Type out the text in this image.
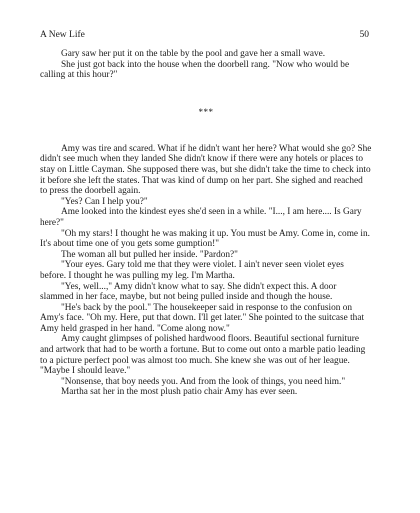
A New Life	50

Gary saw her put it on the table by the pool and gave her a small wave.

She just got back into the house when the doorbell rang. "Now who would be calling at this hour?"

***

Amy was tire and scared. What if he didn't want her here? What would she go? She didn't see much when they landed She didn't know if there were any hotels or places to stay on Little Cayman. She supposed there was, but she didn't take the time to check into it before she left the states. That was kind of dump on her part. She sighed and reached to press the doorbell again.

"Yes? Can I help you?"

Ame looked into the kindest eyes she'd seen in a while. "I..., I am here.... Is Gary here?"

"Oh my stars! I thought he was making it up. You must be Amy. Come in, come in. It's about time one of you gets some gumption!"

The woman all but pulled her inside. "Pardon?"

"Your eyes. Gary told me that they were violet. I ain't never seen violet eyes before. I thought he was pulling my leg. I'm Martha.

"Yes, well...," Amy didn't know what to say. She didn't expect this. A door slammed in her face, maybe, but not being pulled inside and though the house.

"He's back by the pool." The housekeeper said in response to the confusion on Amy's face. "Oh my. Here, put that down. I'll get later." She pointed to the suitcase that Amy held grasped in her hand. "Come along now."

Amy caught glimpses of polished hardwood floors. Beautiful sectional furniture and artwork that had to be worth a fortune. But to come out onto a marble patio leading to a picture perfect pool was almost too much. She knew she was out of her league. "Maybe I should leave."

"Nonsense, that boy needs you. And from the look of things, you need him."

Martha sat her in the most plush patio chair Amy has ever seen.
